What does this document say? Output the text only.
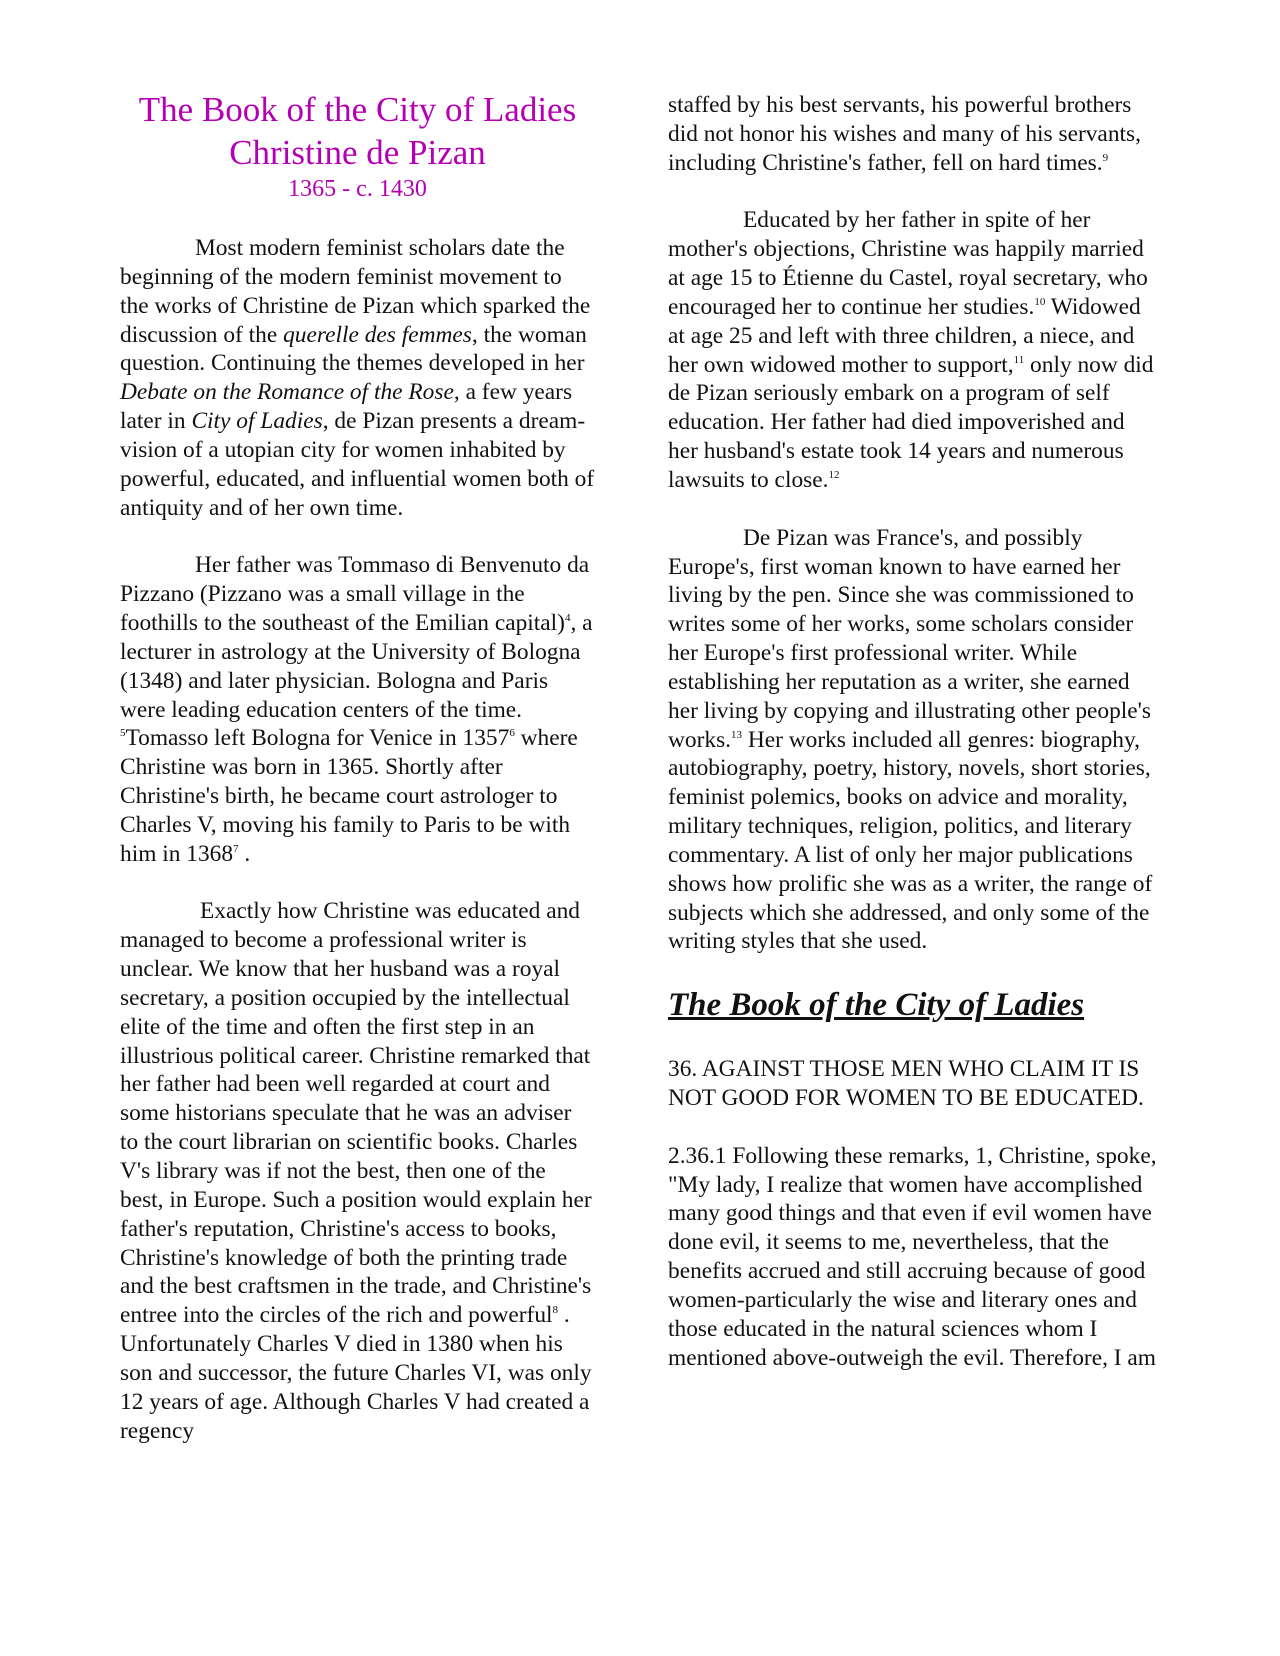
The Book of the City of Ladies
Christine de Pizan
1365 - c. 1430

Most modern feminist scholars date the beginning of the modern feminist movement to the works of Christine de Pizan which sparked the discussion of the querelle des femmes, the woman question. Continuing the themes developed in her Debate on the Romance of the Rose, a few years later in City of Ladies, de Pizan presents a dream-vision of a utopian city for women inhabited by powerful, educated, and influential women both of antiquity and of her own time.

Her father was Tommaso di Benvenuto da Pizzano (Pizzano was a small village in the foothills to the southeast of the Emilian capital)$^4$, a lecturer in astrology at the University of Bologna (1348) and later physician. Bologna and Paris were leading education centers of the time. $^5$Tomasso left Bologna for Venice in 1357$^6$ where Christine was born in 1365. Shortly after Christine's birth, he became court astrologer to Charles V, moving his family to Paris to be with him in 1368$^7$ .

Exactly how Christine was educated and managed to become a professional writer is unclear. We know that her husband was a royal secretary, a position occupied by the intellectual elite of the time and often the first step in an illustrious political career. Christine remarked that her father had been well regarded at court and some historians speculate that he was an adviser to the court librarian on scientific books. Charles V's library was if not the best, then one of the best, in Europe. Such a position would explain her father's reputation, Christine's access to books, Christine's knowledge of both the printing trade and the best craftsmen in the trade, and Christine's entree into the circles of the rich and powerful$^8$ . Unfortunately Charles V died in 1380 when his son and successor, the future Charles VI, was only 12 years of age. Although Charles V had created a regency

staffed by his best servants, his powerful brothers did not honor his wishes and many of his servants, including Christine's father, fell on hard times.$^9$

Educated by her father in spite of her mother's objections, Christine was happily married at age 15 to Étienne du Castel, royal secretary, who encouraged her to continue her studies.$^{10}$ Widowed at age 25 and left with three children, a niece, and her own widowed mother to support,$^{11}$ only now did de Pizan seriously embark on a program of self education. Her father had died impoverished and her husband's estate took 14 years and numerous lawsuits to close.$^{12}$

De Pizan was France's, and possibly Europe's, first woman known to have earned her living by the pen. Since she was commissioned to writes some of her works, some scholars consider her Europe's first professional writer. While establishing her reputation as a writer, she earned her living by copying and illustrating other people's works.$^{13}$ Her works included all genres: biography, autobiography, poetry, history, novels, short stories, feminist polemics, books on advice and morality, military techniques, religion, politics, and literary commentary. A list of only her major publications shows how prolific she was as a writer, the range of subjects which she addressed, and only some of the writing styles that she used.

The Book of the City of Ladies

36. AGAINST THOSE MEN WHO CLAIM IT IS NOT GOOD FOR WOMEN TO BE EDUCATED.

2.36.1 Following these remarks, 1, Christine, spoke, "My lady, I realize that women have accomplished many good things and that even if evil women have done evil, it seems to me, nevertheless, that the benefits accrued and still accruing because of good women-particularly the wise and literary ones and those educated in the natural sciences whom I mentioned above-outweigh the evil. Therefore, I am
